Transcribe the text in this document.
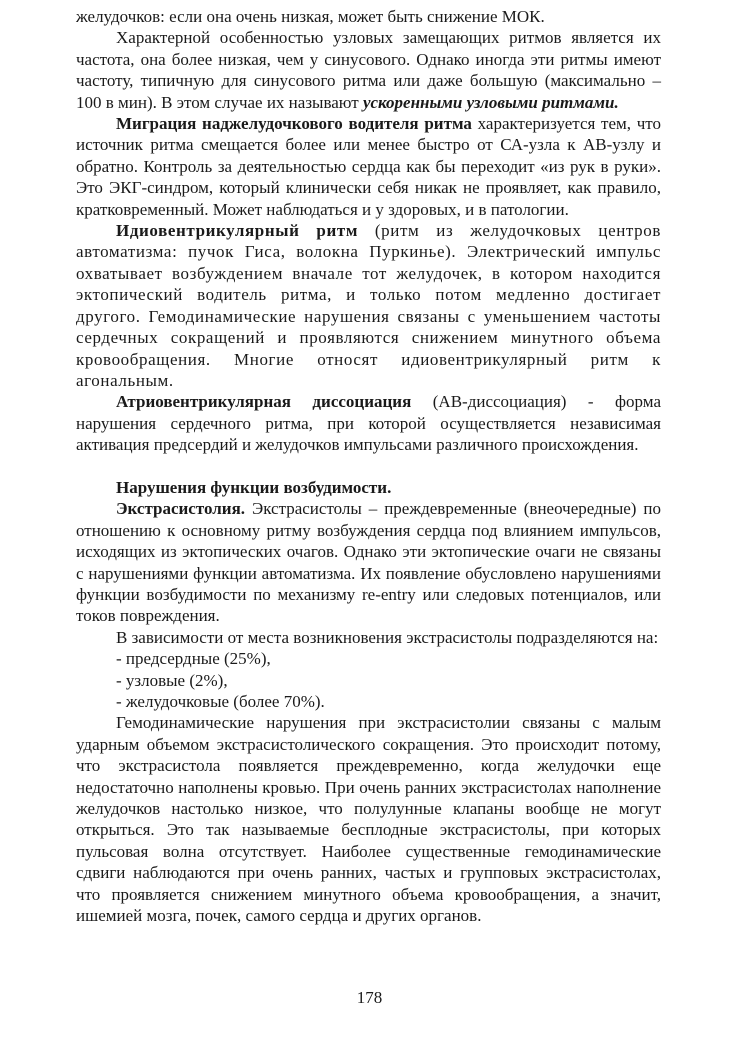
желудочков: если она очень низкая, может быть снижение МОК.

Характерной особенностью узловых замещающих ритмов является их частота, она более низкая, чем у синусового. Однако иногда эти ритмы имеют частоту, типичную для синусового ритма или даже большую (максимально – 100 в мин). В этом случае их называют ускоренными узловыми ритмами.

Миграция наджелудочкового водителя ритма характеризуется тем, что источник ритма смещается более или менее быстро от СА-узла к АВ-узлу и обратно. Контроль за деятельностью сердца как бы переходит «из рук в руки». Это ЭКГ-синдром, который клинически себя никак не проявляет, как правило, кратковременный. Может наблюдаться и у здоровых, и в патологии.

Идиовентрикулярный ритм (ритм из желудочковых центров автоматизма: пучок Гиса, волокна Пуркинье). Электрический импульс охватывает возбуждением вначале тот желудочек, в котором находится эктопический водитель ритма, и только потом медленно достигает другого. Гемодинамические нарушения связаны с уменьшением частоты сердечных сокращений и проявляются снижением минутного объема кровообращения. Многие относят идиовентрикулярный ритм к агональным.

Атриовентрикулярная диссоциация (АВ-диссоциация) - форма нарушения сердечного ритма, при которой осуществляется независимая активация предсердий и желудочков импульсами различного происхождения.

Нарушения функции возбудимости.

Экстрасистолия. Экстрасистолы – преждевременные (внеочередные) по отношению к основному ритму возбуждения сердца под влиянием импульсов, исходящих из эктопических очагов. Однако эти эктопические очаги не связаны с нарушениями функции автоматизма. Их появление обусловлено нарушениями функции возбудимости по механизму re-entry или следовых потенциалов, или токов повреждения.

В зависимости от места возникновения экстрасистолы подразделяются на:

- предсердные (25%),

- узловые (2%),

- желудочковые (более 70%).

Гемодинамические нарушения при экстрасистолии связаны с малым ударным объемом экстрасистолического сокращения. Это происходит потому, что экстрасистола появляется преждевременно, когда желудочки еще недостаточно наполнены кровью. При очень ранних экстрасистолах наполнение желудочков настолько низкое, что полулунные клапаны вообще не могут открыться. Это так называемые бесплодные экстрасистолы, при которых пульсовая волна отсутствует. Наиболее существенные гемодинамические сдвиги наблюдаются при очень ранних, частых и групповых экстрасистолах, что проявляется снижением минутного объема кровообращения, а значит, ишемией мозга, почек, самого сердца и других органов.

178
